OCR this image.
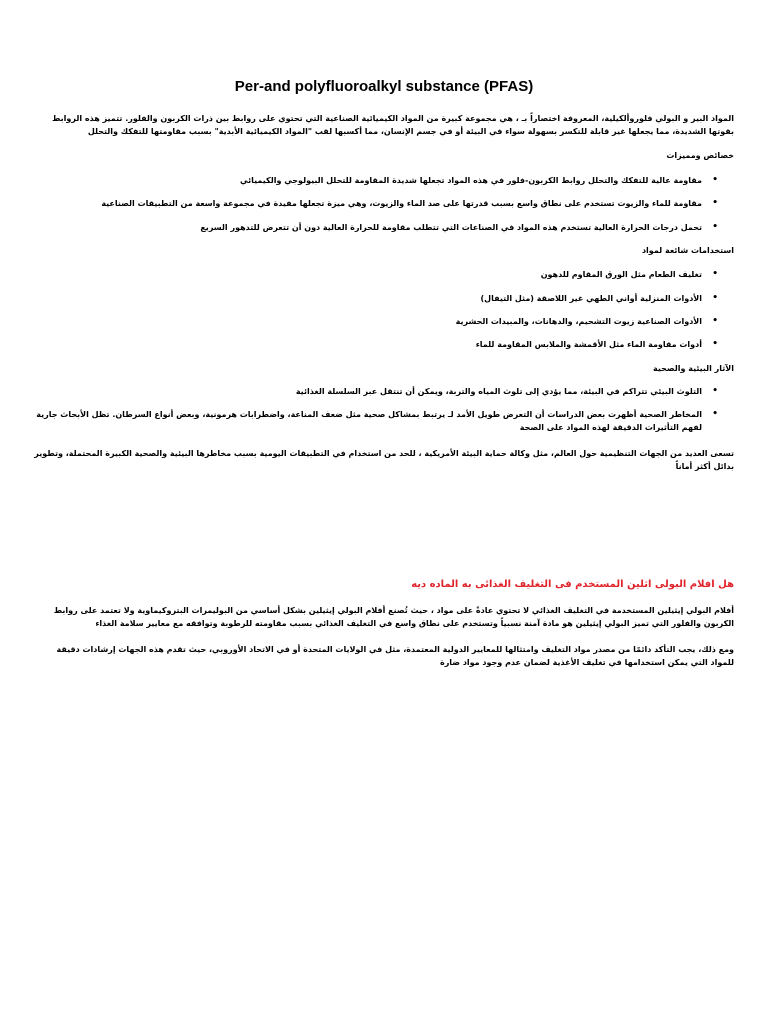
Per-and polyfluoroalkyl substance (PFAS)
المواد البير و البولي فلوروألكيلية، المعروفة اختصاراً بـ ، هي مجموعة كبيرة من المواد الكيميائية الصناعية التي تحتوي على روابط بين ذرات الكربون والفلور. تتميز هذه الروابط بقوتها الشديدة، مما يجعلها غير قابلة للتكسر بسهولة سواء في البيئة أو في جسم الإنسان، مما أكسبها لقب "المواد الكيميائية الأبدية" بسبب مقاومتها للتفكك والتحلل
خصائص ومميزات
• مقاومة عالية للتفكك والتحلل روابط الكربون-فلور في هذه المواد تجعلها شديدة المقاومة للتحلل البيولوجي والكيميائي
• مقاومة للماء والزيوت تستخدم على نطاق واسع بسبب قدرتها على صد الماء والزيوت، وهي ميزة تجعلها مفيدة في مجموعة واسعة من التطبيقات الصناعية
• تحمل درجات الحرارة العالية تستخدم هذه المواد في الصناعات التي تتطلب مقاومة للحرارة العالية دون أن تتعرض للتدهور السريع
استخدامات شائعة لمواد
• تغليف الطعام مثل الورق المقاوم للدهون
• الأدوات المنزلية أواني الطهي غير اللاصقة (مثل التيفال)
• الأدوات الصناعية زيوت التشحيم، والدهانات، والمبيدات الحشرية
• أدوات مقاومة الماء مثل الأقمشة والملابس المقاومة للماء
الآثار البيئية والصحية
• التلوث البيئي تتراكم في البيئة، مما يؤدي إلى تلوث المياه والتربة، ويمكن أن تنتقل عبر السلسلة الغذائية
• المخاطر الصحية أظهرت بعض الدراسات أن التعرض طويل الأمد لـ يرتبط بمشاكل صحية مثل ضعف المناعة، واضطرابات هرمونية، وبعض أنواع السرطان. تظل الأبحاث جارية لفهم التأثيرات الدقيقة لهذه المواد على الصحة
تسعى العديد من الجهات التنظيمية حول العالم، مثل وكالة حماية البيئة الأمريكية ، للحد من استخدام في التطبيقات اليومية بسبب مخاطرها البيئية والصحية الكبيرة المحتملة، وتطوير بدائل أكثر أماناً
هل افلام البولى اثلين المستخدم فى التغليف الغذائى به الماده ديه
أفلام البولي إيثيلين المستخدمة في التغليف الغذائي لا تحتوي عادةً على مواد ، حيث تُصنع أفلام البولي إيثيلين بشكل أساسي من البوليمرات البتروكيماوية ولا تعتمد على روابط الكربون والفلور التي تميز البولي إيثيلين هو مادة آمنة نسبياً وتستخدم على نطاق واسع في التغليف الغذائي بسبب مقاومته للرطوبة وتوافقه مع معايير سلامة الغذاء
ومع ذلك، يجب التأكد دائمًا من مصدر مواد التغليف وامتثالها للمعايير الدولية المعتمدة، مثل في الولايات المتحدة أو في الاتحاد الأوروبي، حيث تقدم هذه الجهات إرشادات دقيقة للمواد التي يمكن استخدامها في تغليف الأغذية لضمان عدم وجود مواد ضارة
